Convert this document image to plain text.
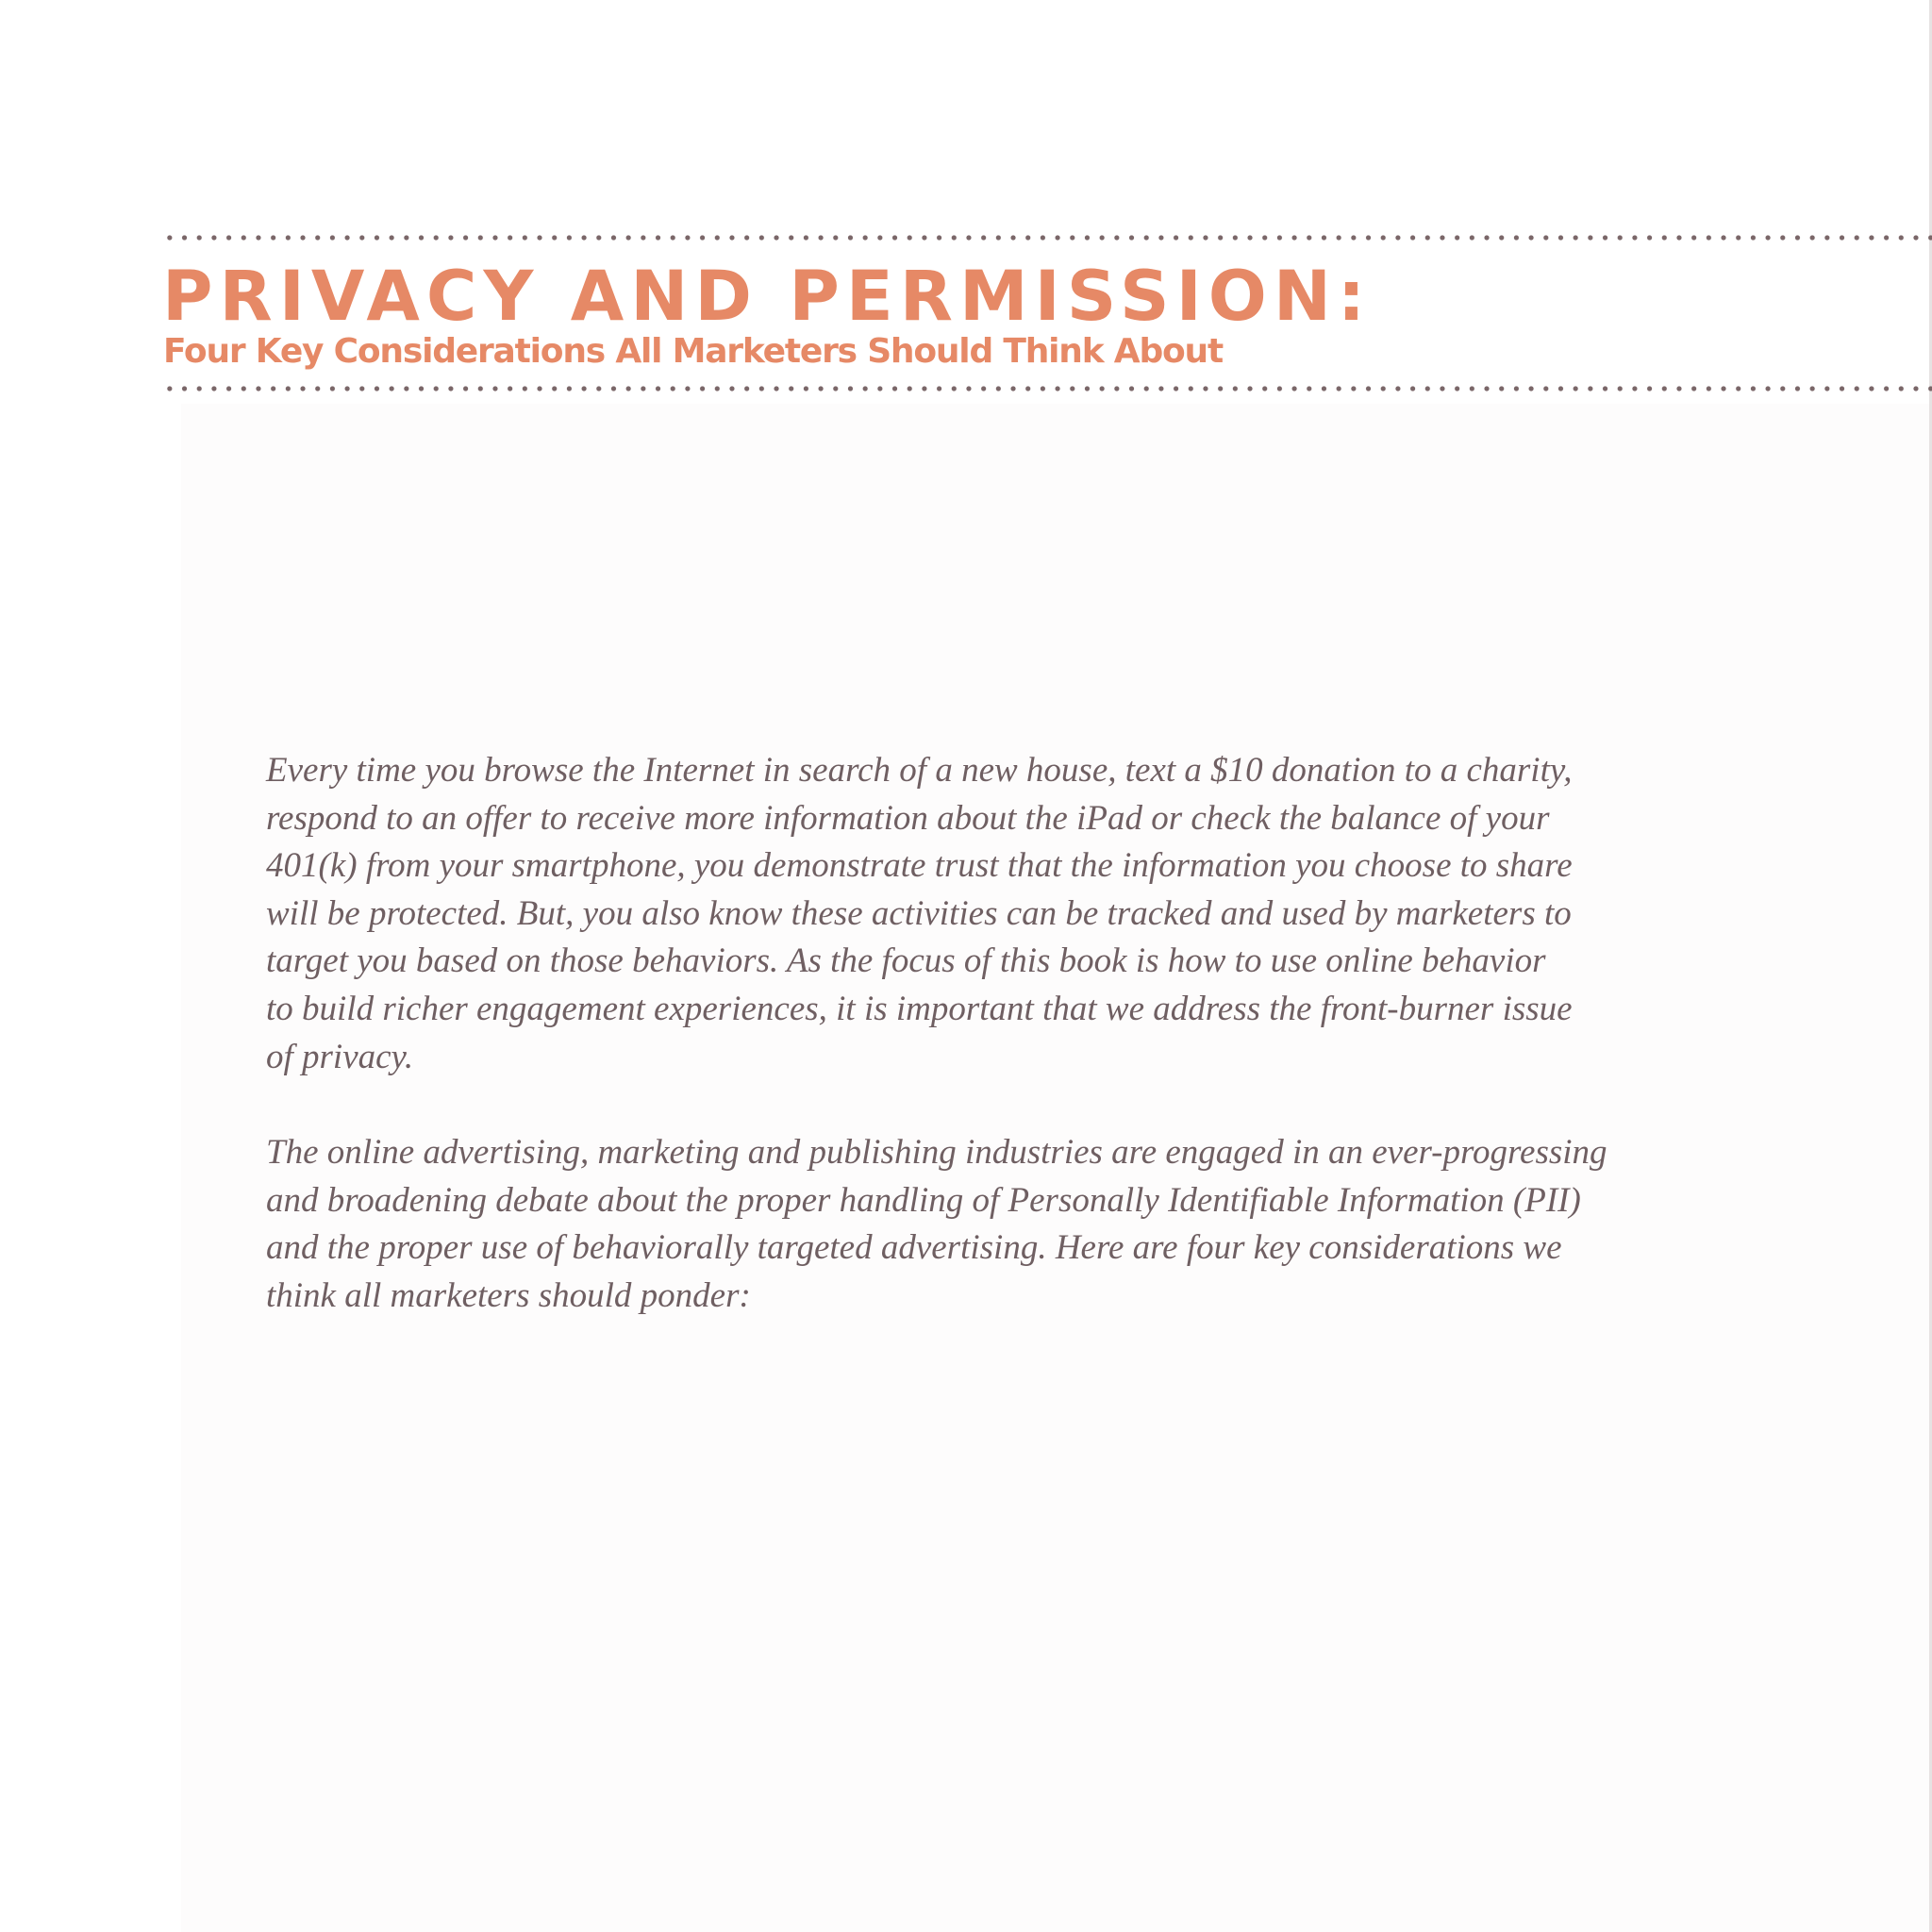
PRIVACY AND PERMISSION:
Four Key Considerations All Marketers Should Think About

Every time you browse the Internet in search of a new house, text a $10 donation to a charity,
respond to an offer to receive more information about the iPad or check the balance of your
401(k) from your smartphone, you demonstrate trust that the information you choose to share
will be protected. But, you also know these activities can be tracked and used by marketers to
target you based on those behaviors. As the focus of this book is how to use online behavior
to build richer engagement experiences, it is important that we address the front-burner issue
of privacy.

The online advertising, marketing and publishing industries are engaged in an ever-progressing
and broadening debate about the proper handling of Personally Identifiable Information (PII)
and the proper use of behaviorally targeted advertising. Here are four key considerations we
think all marketers should ponder:
